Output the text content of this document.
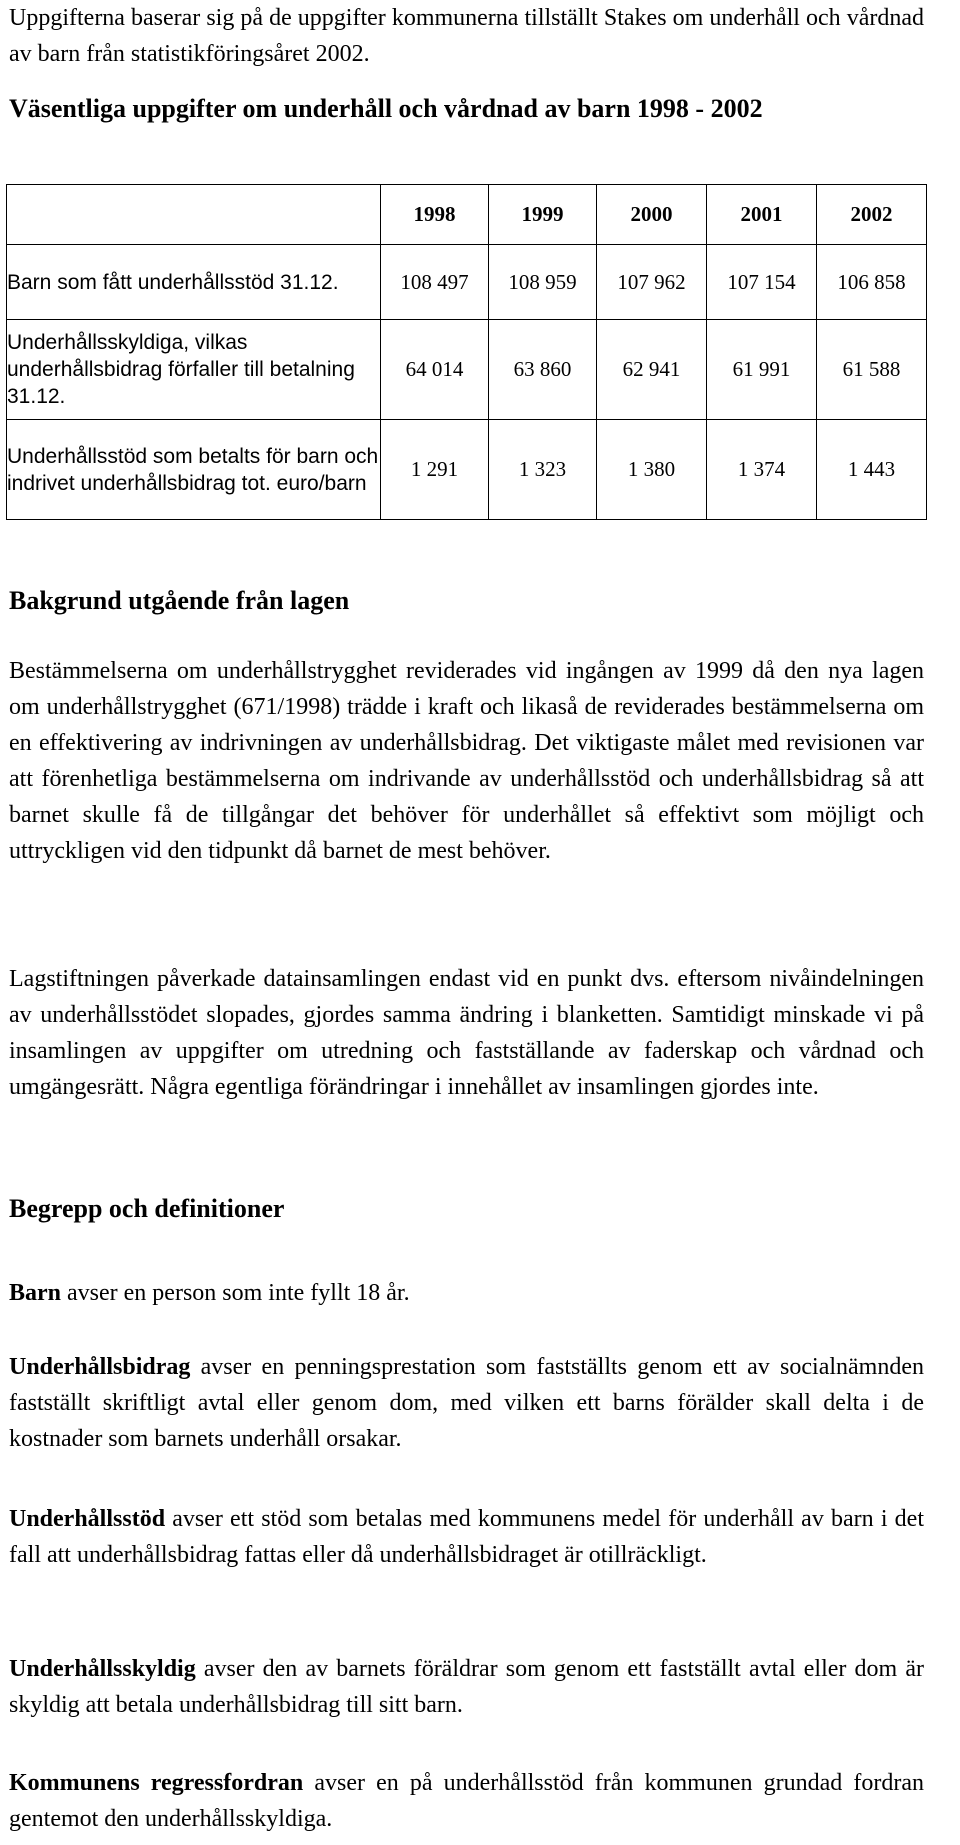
Uppgifterna baserar sig på de uppgifter kommunerna tillställt Stakes om underhåll och vårdnad av barn från statistikföringsåret 2002.

Väsentliga uppgifter om underhåll och vårdnad av barn 1998 - 2002
	1998	1999	2000	2001	2002
Barn som fått underhållsstöd 31.12.	108 497	108 959	107 962	107 154	106 858
Underhållsskyldiga, vilkas underhållsbidrag förfaller till betalning 31.12.	64 014	63 860	62 941	61 991	61 588
Underhållsstöd som betalts för barn och indrivet underhållsbidrag tot. euro/barn	1 291	1 323	1 380	1 374	1 443
Bakgrund utgående från lagen

Bestämmelserna om underhållstrygghet reviderades vid ingången av 1999 då den nya lagen om underhållstrygghet (671/1998) trädde i kraft och likaså de reviderades bestämmelserna om en effektivering av indrivningen av underhållsbidrag. Det viktigaste målet med revisionen var att förenhetliga bestämmelserna om indrivande av underhållsstöd och underhållsbidrag så att barnet skulle få de tillgångar det behöver för underhållet så effektivt som möjligt och uttryckligen vid den tidpunkt då barnet de mest behöver.

Lagstiftningen påverkade datainsamlingen endast vid en punkt dvs. eftersom nivåindelningen av underhållsstödet slopades, gjordes samma ändring i blanketten. Samtidigt minskade vi på insamlingen av uppgifter om utredning och fastställande av faderskap och vårdnad och umgängesrätt. Några egentliga förändringar i innehållet av insamlingen gjordes inte.

Begrepp och definitioner

Barn avser en person som inte fyllt 18 år.

Underhållsbidrag avser en penningsprestation som fastställts genom ett av socialnämnden fastställt skriftligt avtal eller genom dom, med vilken ett barns förälder skall delta i de kostnader som barnets underhåll orsakar.

Underhållsstöd avser ett stöd som betalas med kommunens medel för underhåll av barn i det fall att underhållsbidrag fattas eller då underhållsbidraget är otillräckligt.

Underhållsskyldig avser den av barnets föräldrar som genom ett fastställt avtal eller dom är skyldig att betala underhållsbidrag till sitt barn.

Kommunens regressfordran avser en på underhållsstöd från kommunen grundad fordran gentemot den underhållsskyldiga.
